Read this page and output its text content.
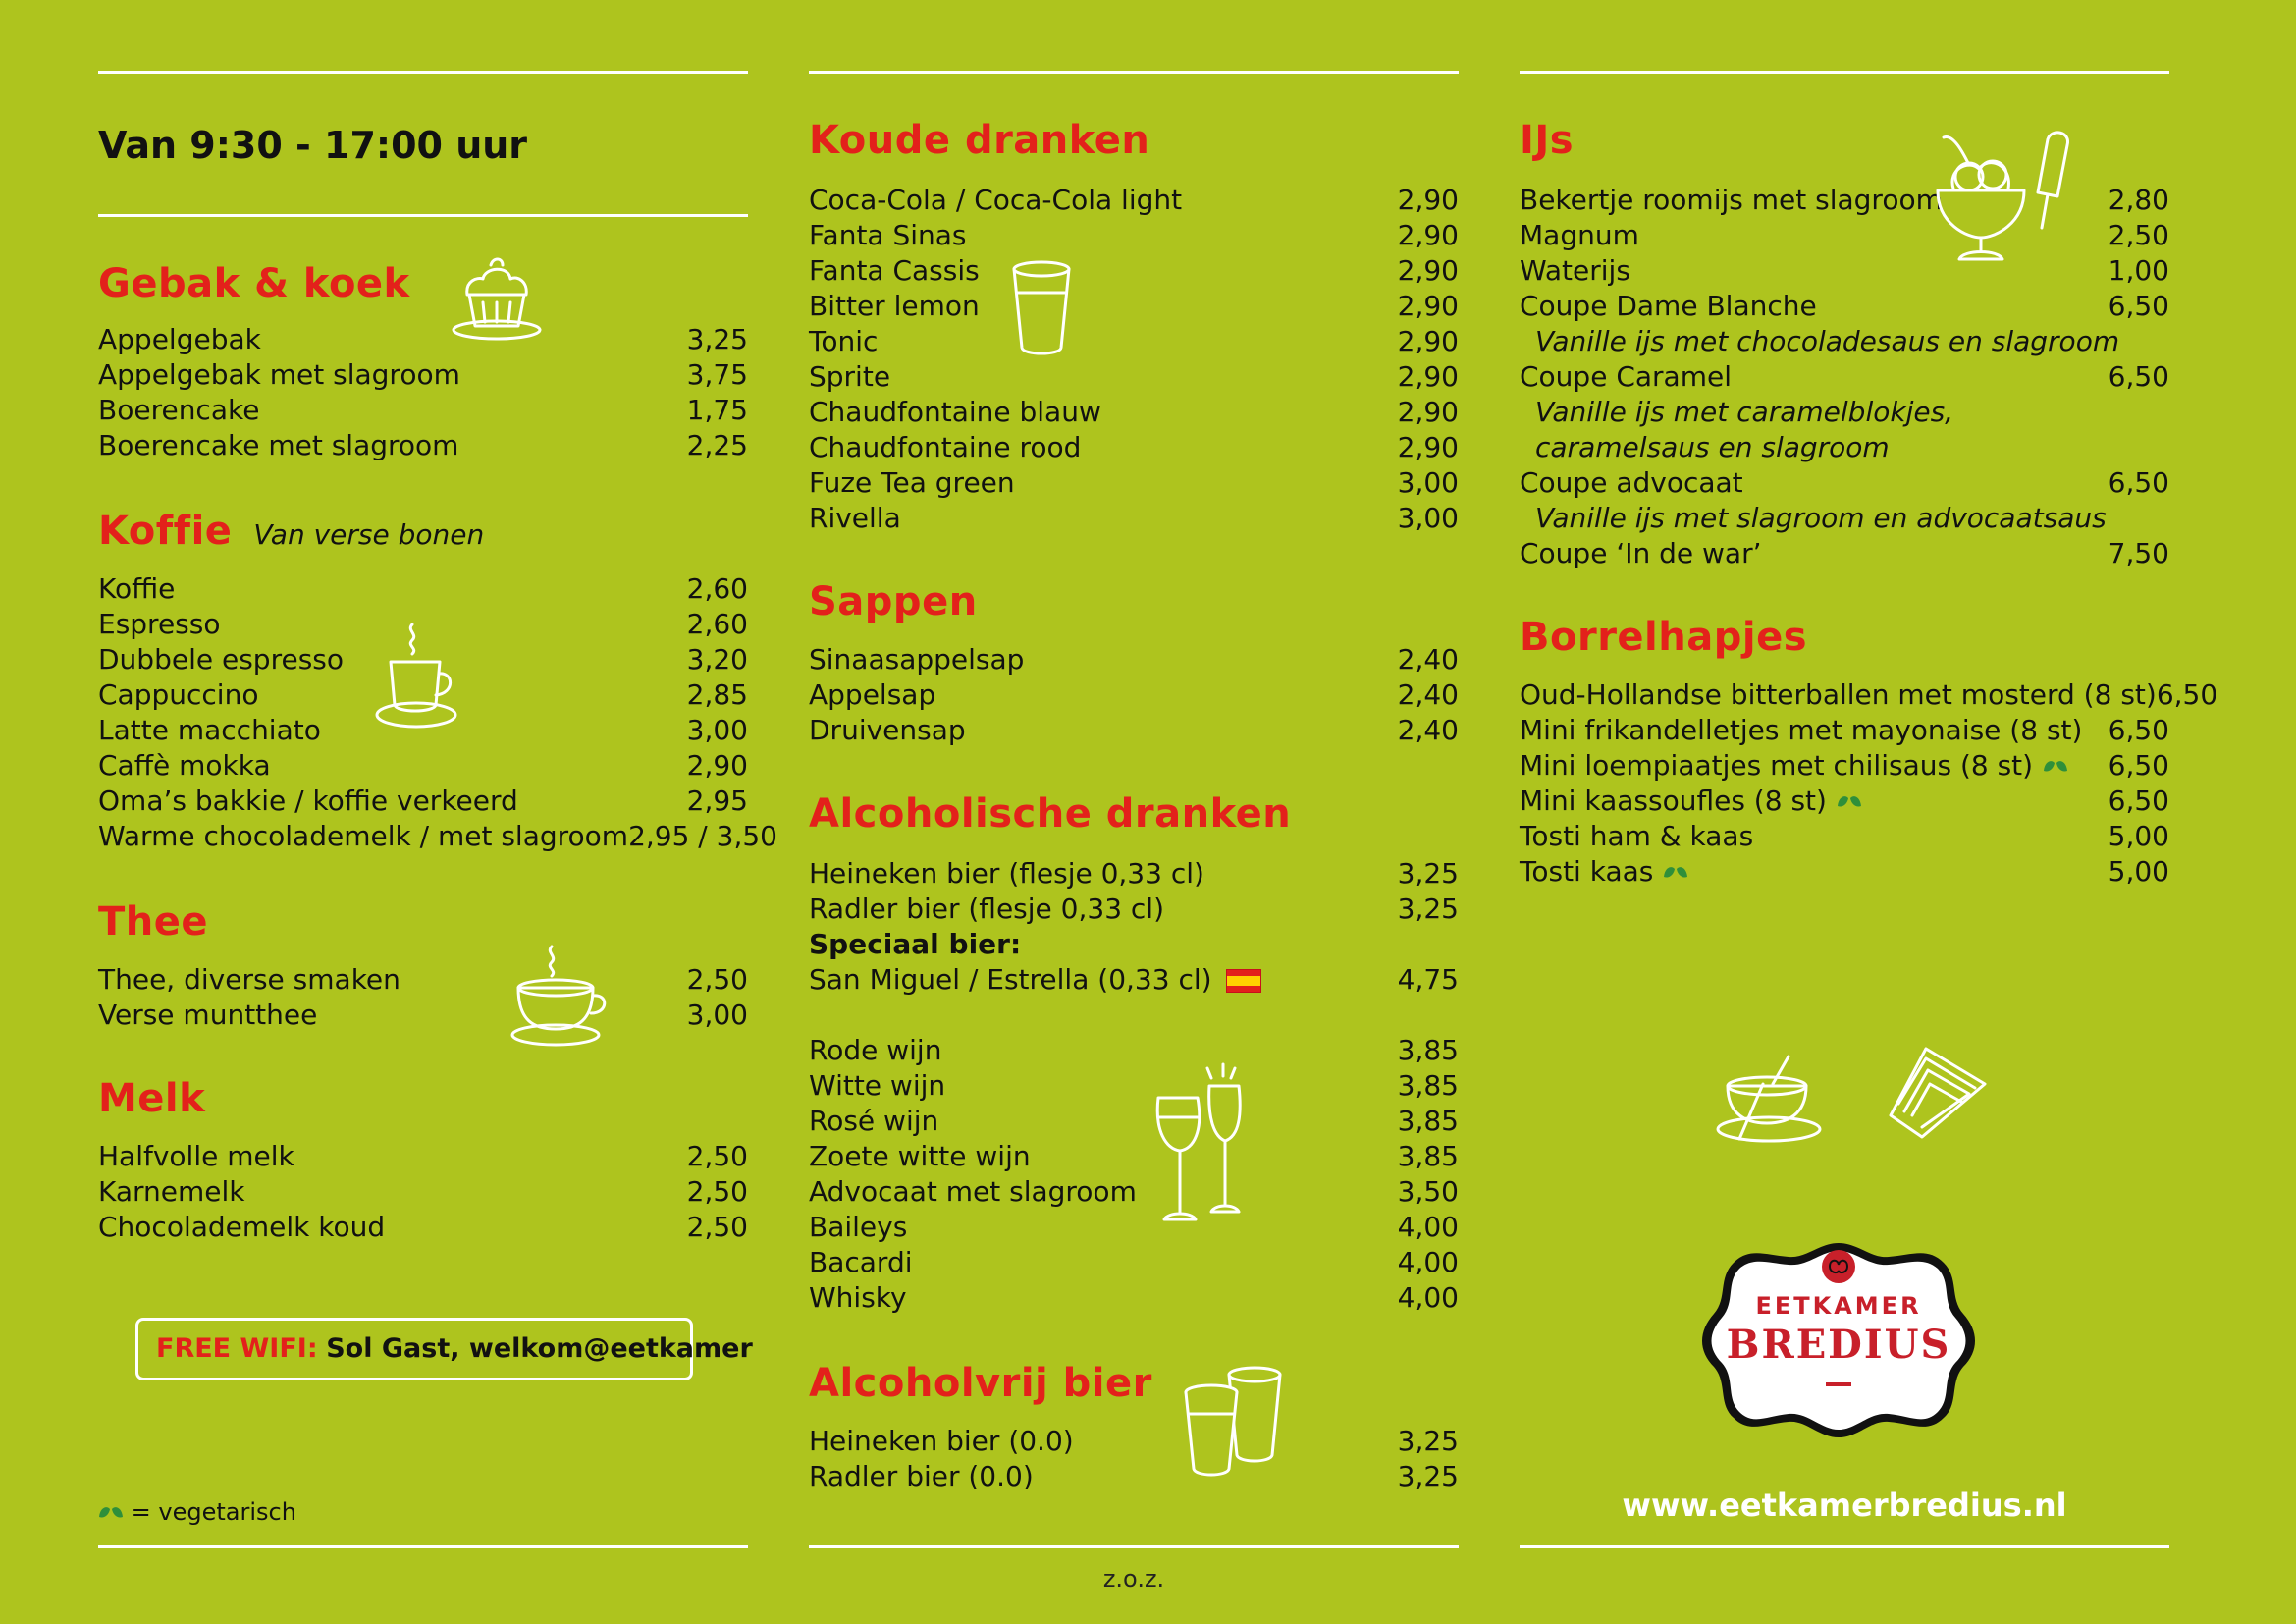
Van 9:30 - 17:00 uur
Gebak & koek
Appelgebak	3,25
Appelgebak met slagroom	3,75
Boerencake	1,75
Boerencake met slagroom	2,25
Koffie Van verse bonen
Koffie	2,60
Espresso	2,60
Dubbele espresso	3,20
Cappuccino	2,85
Latte macchiato	3,00
Caffè mokka	2,90
Oma’s bakkie / koffie verkeerd	2,95
Warme chocolademelk / met slagroom 2,95 / 3,50
Thee
Thee, diverse smaken	2,50
Verse muntthee	3,00
Melk
Halfvolle melk	2,50
Karnemelk	2,50
Chocolademelk koud	2,50
FREE WIFI: Sol Gast, welkom@eetkamer
= vegetarisch
Koude dranken
Coca-Cola / Coca-Cola light	2,90
Fanta Sinas	2,90
Fanta Cassis	2,90
Bitter lemon	2,90
Tonic	2,90
Sprite	2,90
Chaudfontaine blauw	2,90
Chaudfontaine rood	2,90
Fuze Tea green	3,00
Rivella	3,00
Sappen
Sinaasappelsap	2,40
Appelsap	2,40
Druivensap	2,40
Alcoholische dranken
Heineken bier (flesje 0,33 cl)	3,25
Radler bier (flesje 0,33 cl)	3,25
Speciaal bier:
San Miguel / Estrella (0,33 cl)	4,75
Rode wijn	3,85
Witte wijn	3,85
Rosé wijn	3,85
Zoete witte wijn	3,85
Advocaat met slagroom	3,50
Baileys	4,00
Bacardi	4,00
Whisky	4,00
Alcoholvrij bier
Heineken bier (0.0)	3,25
Radler bier (0.0)	3,25
z.o.z.
IJs
Bekertje roomijs met slagroom	2,80
Magnum	2,50
Waterijs	1,00
Coupe Dame Blanche	6,50
Vanille ijs met chocoladesaus en slagroom
Coupe Caramel	6,50
Vanille ijs met caramelblokjes,
caramelsaus en slagroom
Coupe advocaat	6,50
Vanille ijs met slagroom en advocaatsaus
Coupe ‘In de war’	7,50
Borrelhapjes
Oud-Hollandse bitterballen met mosterd (8 st) 6,50
Mini frikandelletjes met mayonaise (8 st) 6,50
Mini loempiaatjes met chilisaus (8 st)	6,50
Mini kaassoufles (8 st)	6,50
Tosti ham & kaas	5,00
Tosti kaas	5,00
www.eetkamerbredius.nl
EETKAMER
BREDIUS
